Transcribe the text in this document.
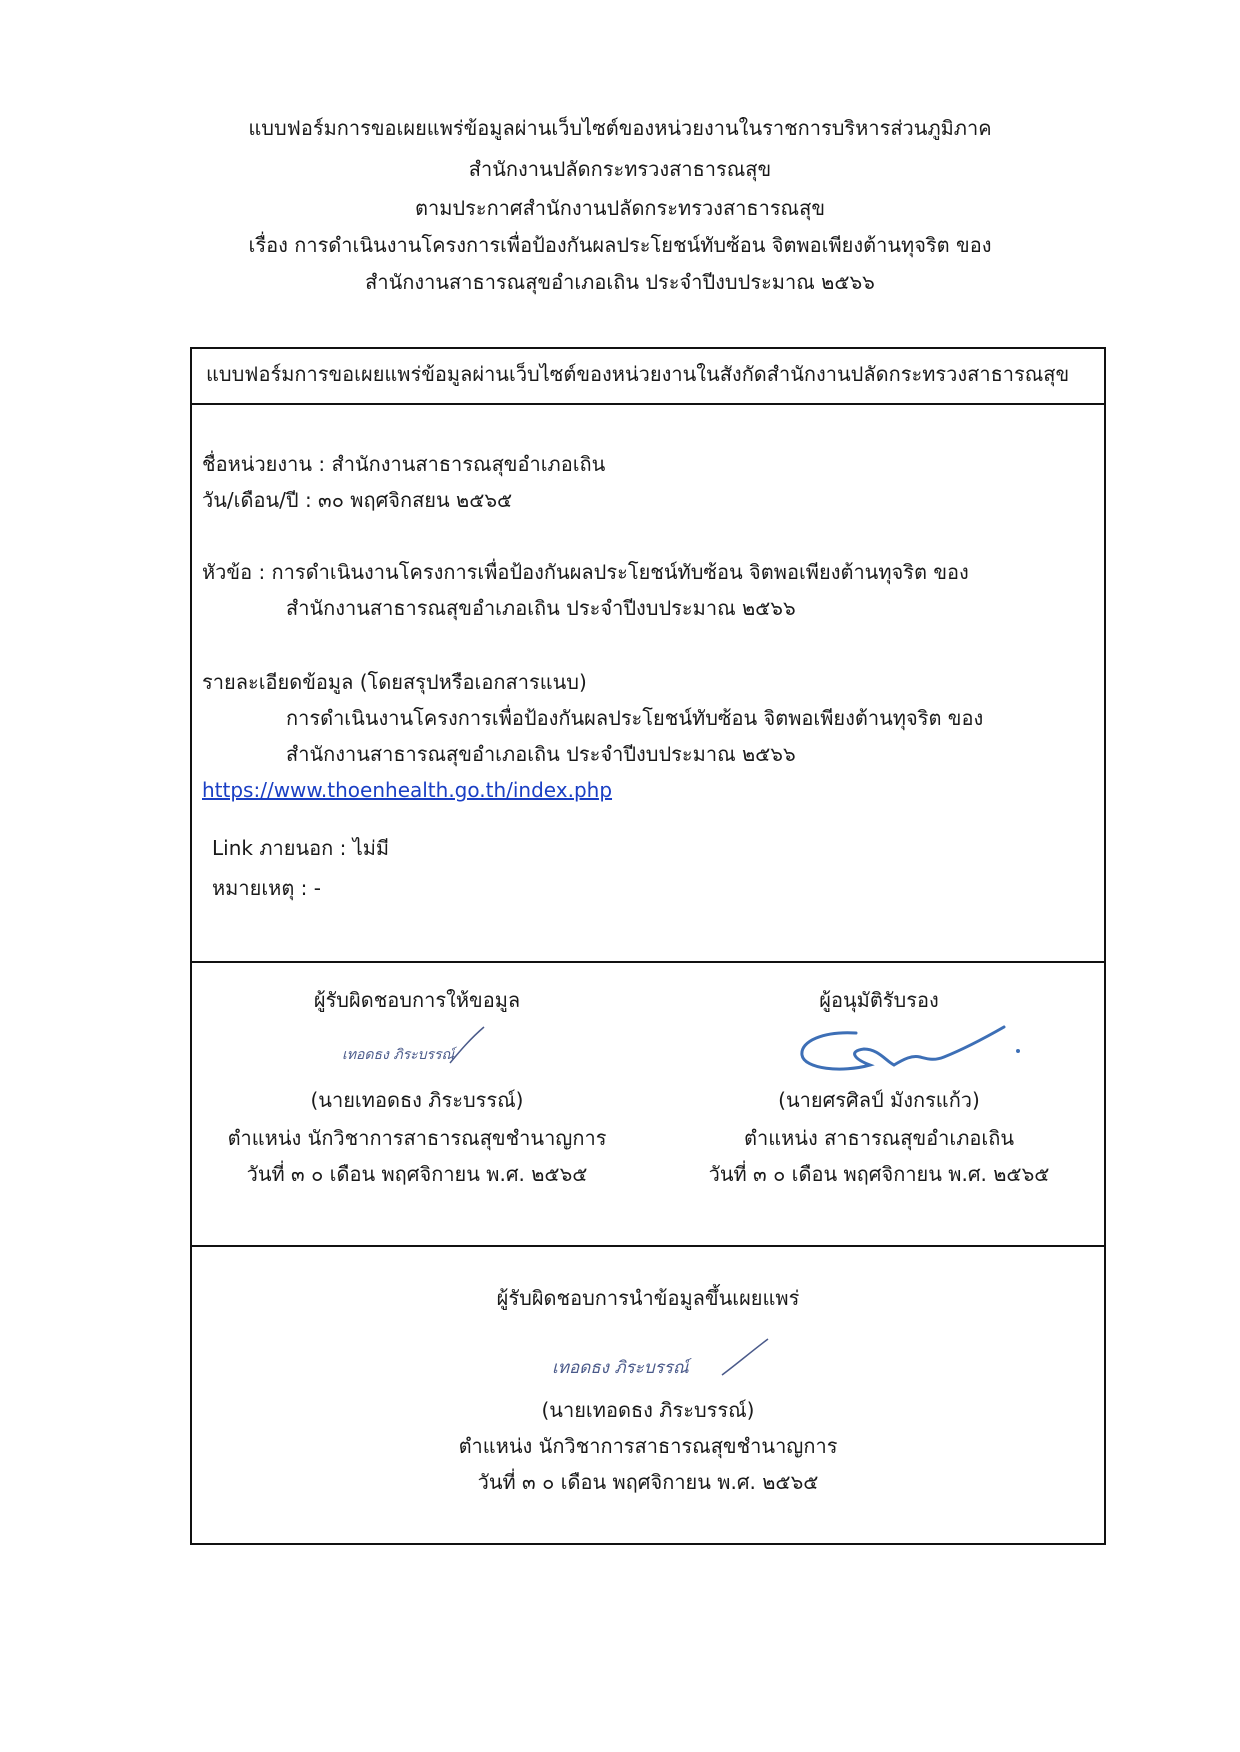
แบบฟอร์มการขอเผยแพร่ข้อมูลผ่านเว็บไซต์ของหน่วยงานในราชการบริหารส่วนภูมิภาค
สำนักงานปลัดกระทรวงสาธารณสุข
ตามประกาศสำนักงานปลัดกระทรวงสาธารณสุข
เรื่อง การดำเนินงานโครงการเพื่อป้องกันผลประโยชน์ทับซ้อน จิตพอเพียงต้านทุจริต ของ
สำนักงานสาธารณสุขอำเภอเถิน ประจำปีงบประมาณ ๒๕๖๖
แบบฟอร์มการขอเผยแพร่ข้อมูลผ่านเว็บไซต์ของหน่วยงานในสังกัดสำนักงานปลัดกระทรวงสาธารณสุข
ชื่อหน่วยงาน : สำนักงานสาธารณสุขอำเภอเถิน
วัน/เดือน/ปี : ๓๐ พฤศจิกสยน ๒๕๖๕
หัวข้อ : การดำเนินงานโครงการเพื่อป้องกันผลประโยชน์ทับซ้อน จิตพอเพียงต้านทุจริต ของ
สำนักงานสาธารณสุขอำเภอเถิน ประจำปีงบประมาณ ๒๕๖๖
รายละเอียดข้อมูล (โดยสรุปหรือเอกสารแนบ)
การดำเนินงานโครงการเพื่อป้องกันผลประโยชน์ทับซ้อน จิตพอเพียงต้านทุจริต ของ
สำนักงานสาธารณสุขอำเภอเถิน ประจำปีงบประมาณ ๒๕๖๖
https://www.thoenhealth.go.th/index.php
Link ภายนอก : ไม่มี
หมายเหตุ : -
ผู้รับผิดชอบการให้ขอมูล
เทอดธง ภิระบรรณ์
(นายเทอดธง ภิระบรรณ์)
ตำแหน่ง นักวิชาการสาธารณสุขชำนาญการ
วันที่ ๓ ๐ เดือน พฤศจิกายน พ.ศ. ๒๕๖๕
ผู้อนุมัติรับรอง
(นายศรศิลป์ มังกรแก้ว)
ตำแหน่ง สาธารณสุขอำเภอเถิน
วันที่ ๓ ๐ เดือน พฤศจิกายน พ.ศ. ๒๕๖๕
ผู้รับผิดชอบการนำข้อมูลขึ้นเผยแพร่
เทอดธง ภิระบรรณ์
(นายเทอดธง ภิระบรรณ์)
ตำแหน่ง นักวิชาการสาธารณสุขชำนาญการ
วันที่ ๓ ๐ เดือน พฤศจิกายน พ.ศ. ๒๕๖๕
